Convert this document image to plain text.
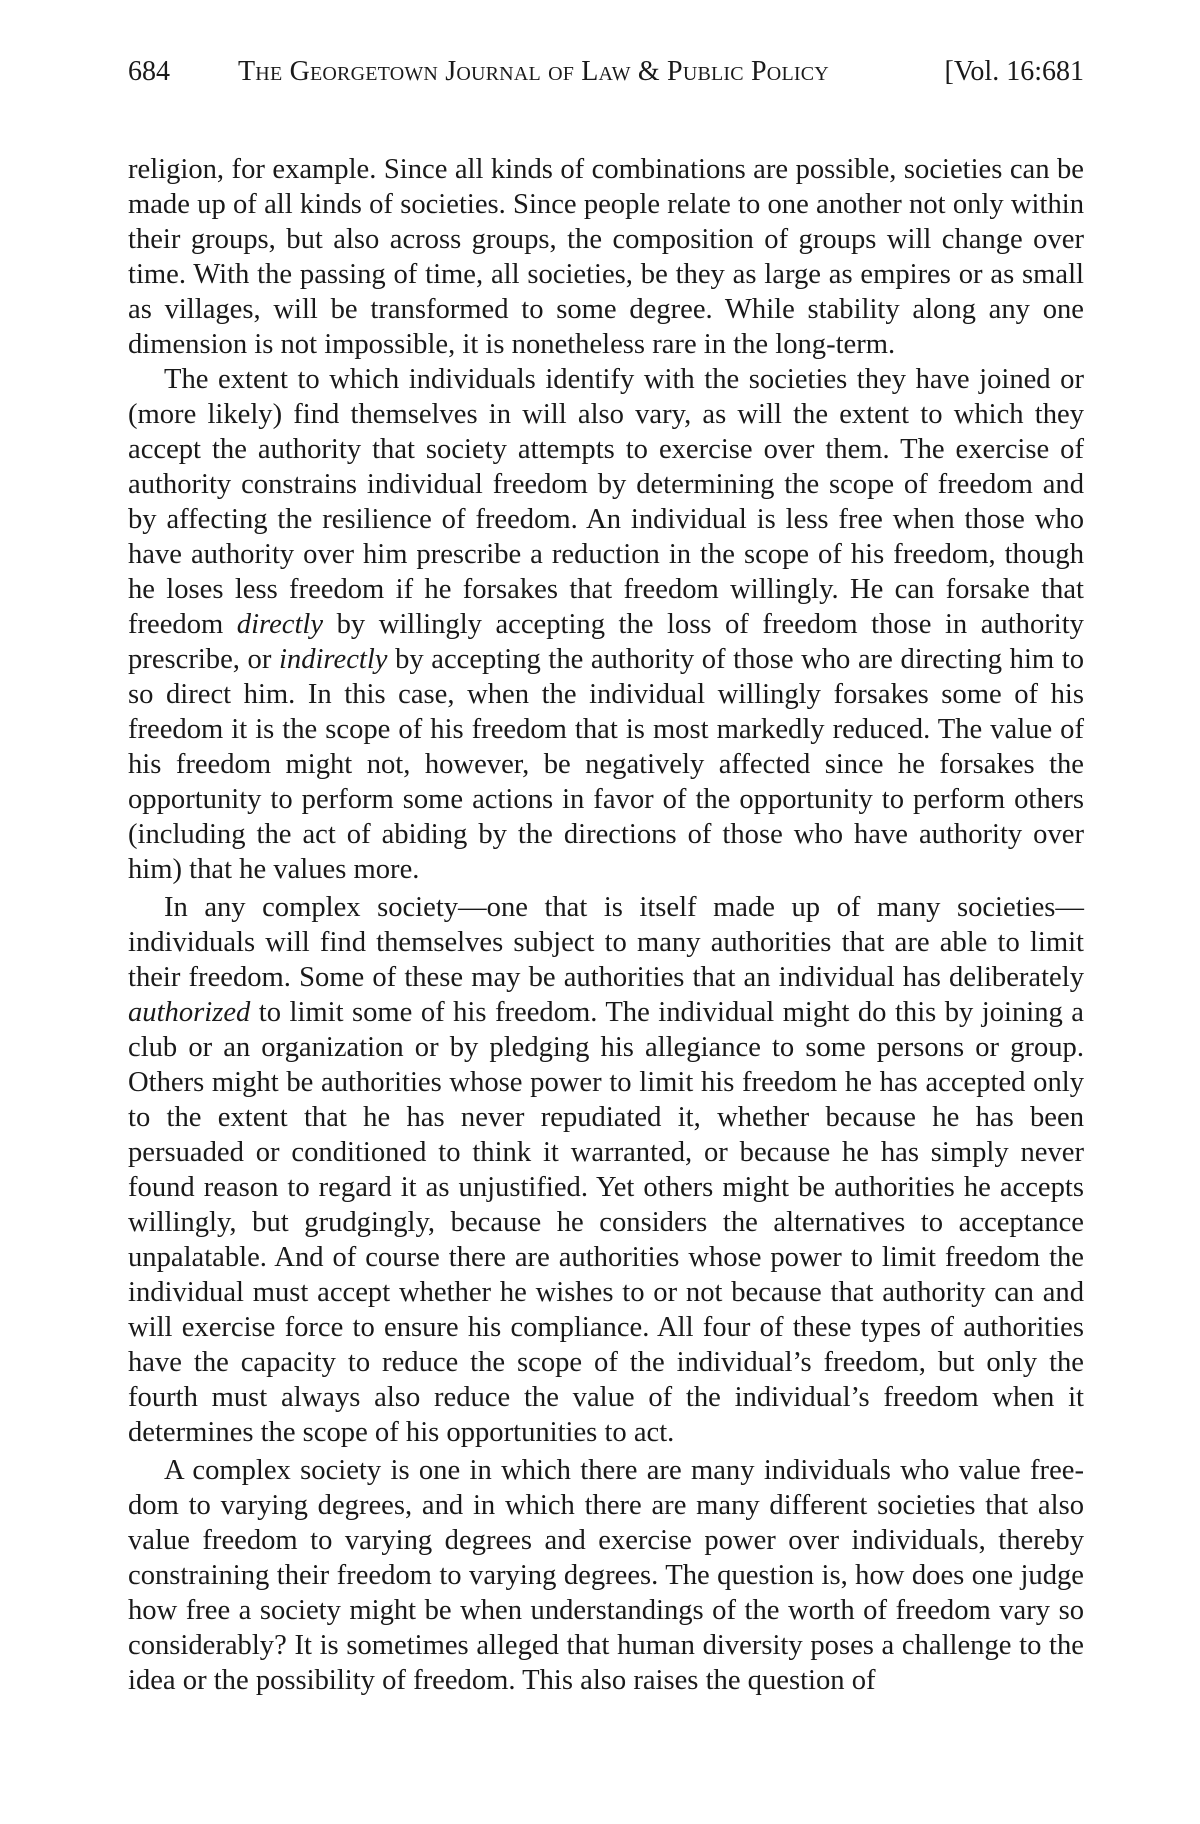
684	The Georgetown Journal of Law & Public Policy	[Vol. 16:681

religion, for example. Since all kinds of combinations are possible, societies can be made up of all kinds of societies. Since people relate to one another not only within their groups, but also across groups, the composition of groups will change over time. With the passing of time, all societies, be they as large as empires or as small as villages, will be transformed to some degree. While stability along any one dimension is not impossible, it is nonetheless rare in the long-term.

The extent to which individuals identify with the societies they have joined or (more likely) find themselves in will also vary, as will the extent to which they accept the authority that society attempts to exercise over them. The exercise of authority constrains individual freedom by determining the scope of freedom and by affecting the resilience of freedom. An individual is less free when those who have authority over him prescribe a reduction in the scope of his freedom, though he loses less freedom if he forsakes that freedom willingly. He can forsake that freedom directly by willingly accepting the loss of freedom those in authority prescribe, or indirectly by accepting the authority of those who are directing him to so direct him. In this case, when the individual willingly forsakes some of his freedom it is the scope of his freedom that is most markedly reduced. The value of his freedom might not, however, be negatively affected since he forsakes the opportunity to perform some actions in favor of the opportunity to perform others (including the act of abiding by the directions of those who have authority over him) that he values more.

In any complex society—one that is itself made up of many societies— individuals will find themselves subject to many authorities that are able to limit their freedom. Some of these may be authorities that an individual has deliberately authorized to limit some of his freedom. The individual might do this by joining a club or an organization or by pledging his allegiance to some persons or group. Others might be authorities whose power to limit his freedom he has accepted only to the extent that he has never repudiated it, whether because he has been persuaded or conditioned to think it warranted, or because he has simply never found reason to regard it as unjustified. Yet others might be authorities he accepts willingly, but grudgingly, because he considers the alternatives to acceptance unpalatable. And of course there are authorities whose power to limit freedom the individual must accept whether he wishes to or not because that authority can and will exercise force to ensure his compliance. All four of these types of authorities have the capacity to reduce the scope of the individual’s freedom, but only the fourth must always also reduce the value of the individual’s freedom when it determines the scope of his opportunities to act.

A complex society is one in which there are many individuals who value freedom to varying degrees, and in which there are many different societies that also value freedom to varying degrees and exercise power over individuals, thereby constraining their freedom to varying degrees. The question is, how does one judge how free a society might be when understandings of the worth of freedom vary so considerably? It is sometimes alleged that human diversity poses a challenge to the idea or the possibility of freedom. This also raises the question of
